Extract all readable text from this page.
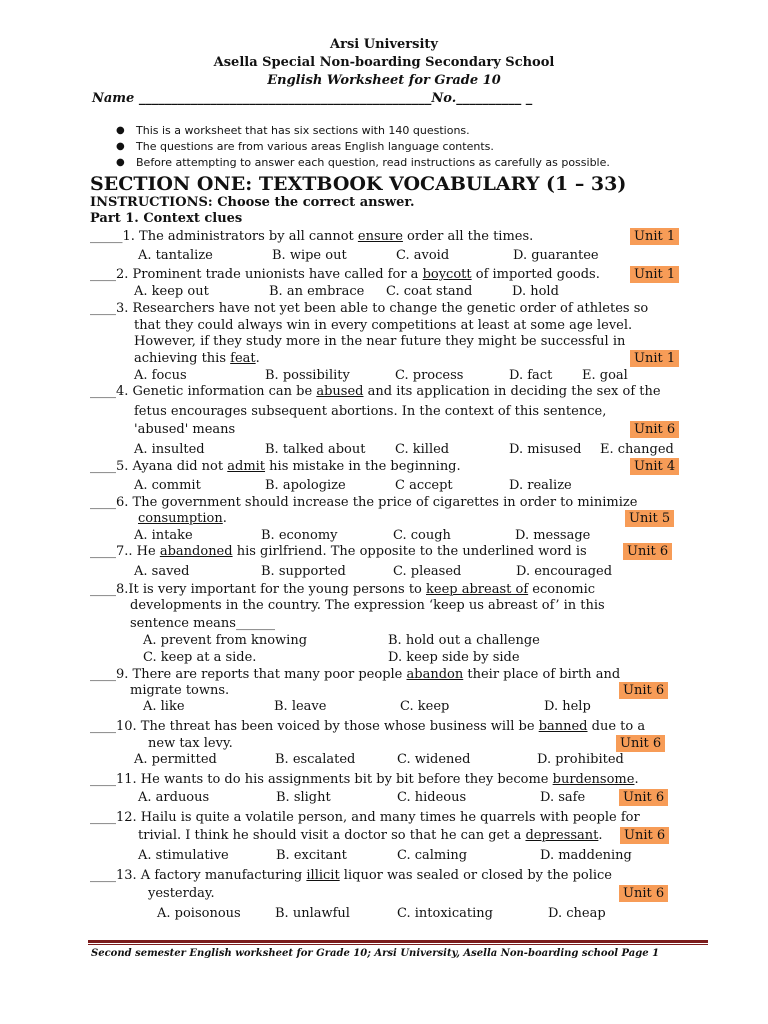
Arsi University
Asella Special Non-boarding Secondary School
English Worksheet for Grade 10
Name _____________________________________________No.__________ _
● This is a worksheet that has six sections with 140 questions.
● The questions are from various areas English language contents.
● Before attempting to answer each question, read instructions as carefully as possible.
SECTION ONE: TEXTBOOK VOCABULARY (1 – 33)
INSTRUCTIONS: Choose the correct answer.
Part 1. Context clues
_____1. The administrators by all cannot ensure order all the times.	Unit 1
A. tantalize	B. wipe out	C. avoid	D. guarantee
____2. Prominent trade unionists have called for a boycott of imported goods.	Unit 1
A. keep out	B. an embrace C. coat stand	D. hold
____3. Researchers have not yet been able to change the genetic order of athletes so
that they could always win in every competitions at least at some age level.
However, if they study more in the near future they might be successful in
achieving this feat.	Unit 1
A. focus	B. possibility	C. process	D. fact E. goal
____4. Genetic information can be abused and its application in deciding the sex of the
fetus encourages subsequent abortions. In the context of this sentence,
'abused' means	Unit 6
A. insulted	B. talked about C. killed	D. misused E. changed
____5. Ayana did not admit his mistake in the beginning.	Unit 4
A. commit	B. apologize	C accept	D. realize
____6. The government should increase the price of cigarettes in order to minimize
consumption.	Unit 5
A. intake	B. economy	C. cough	D. message
____7.. He abandoned his girlfriend. The opposite to the underlined word is	Unit 6
A. saved	B. supported	C. pleased	D. encouraged
____8.It is very important for the young persons to keep abreast of economic
developments in the country. The expression ‘keep us abreast of’ in this
sentence means______
A. prevent from knowing	B. hold out a challenge
C. keep at a side.	D. keep side by side
____9. There are reports that many poor people abandon their place of birth and
migrate towns.	Unit 6
A. like	B. leave	C. keep	D. help
____10. The threat has been voiced by those whose business will be banned due to a
new tax levy.	Unit 6
A. permitted	B. escalated	C. widened	D. prohibited
____11. He wants to do his assignments bit by bit before they become burdensome.
A. arduous	B. slight	C. hideous	D. safe	Unit 6
____12. Hailu is quite a volatile person, and many times he quarrels with people for
trivial. I think he should visit a doctor so that he can get a depressant.	Unit 6
A. stimulative	B. excitant	C. calming	D. maddening
____13. A factory manufacturing illicit liquor was sealed or closed by the police
yesterday.	Unit 6
A. poisonous	B. unlawful	C. intoxicating	D. cheap
Second semester English worksheet for Grade 10; Arsi University, Asella Non-boarding school Page 1
